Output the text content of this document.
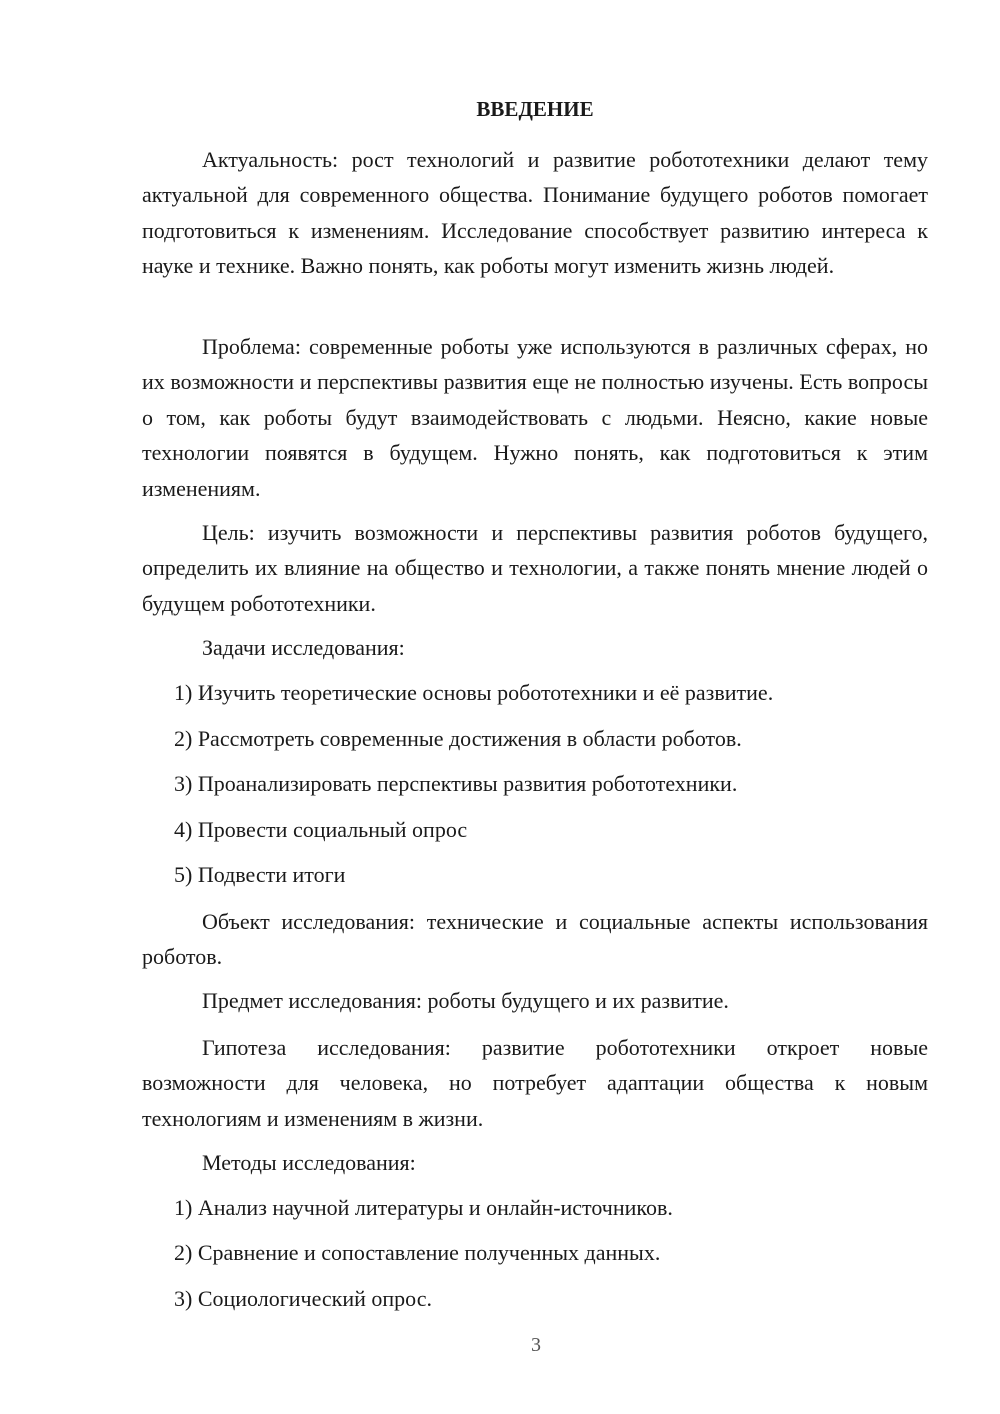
ВВЕДЕНИЕ

Актуальность: рост технологий и развитие робототехники делают тему актуальной для современного общества. Понимание будущего роботов помогает подготовиться к изменениям. Исследование способствует развитию интереса к науке и технике. Важно понять, как роботы могут изменить жизнь людей.

Проблема: современные роботы уже используются в различных сферах, но их возможности и перспективы развития еще не полностью изучены. Есть вопросы о том, как роботы будут взаимодействовать с людьми. Неясно, какие новые технологии появятся в будущем. Нужно понять, как подготовиться к этим изменениям.

Цель: изучить возможности и перспективы развития роботов будущего, определить их влияние на общество и технологии, а также понять мнение людей о будущем робототехники.

Задачи исследования:

1) Изучить теоретические основы робототехники и её развитие.

2) Рассмотреть современные достижения в области роботов.

3) Проанализировать перспективы развития робототехники.

4) Провести социальный опрос

5) Подвести итоги

Объект исследования: технические и социальные аспекты использования роботов.

Предмет исследования: роботы будущего и их развитие.

Гипотеза исследования: развитие робототехники откроет новые возможности для человека, но потребует адаптации общества к новым технологиям и изменениям в жизни.

Методы исследования:

1) Анализ научной литературы и онлайн-источников.

2) Сравнение и сопоставление полученных данных.

3) Социологический опрос.

3
